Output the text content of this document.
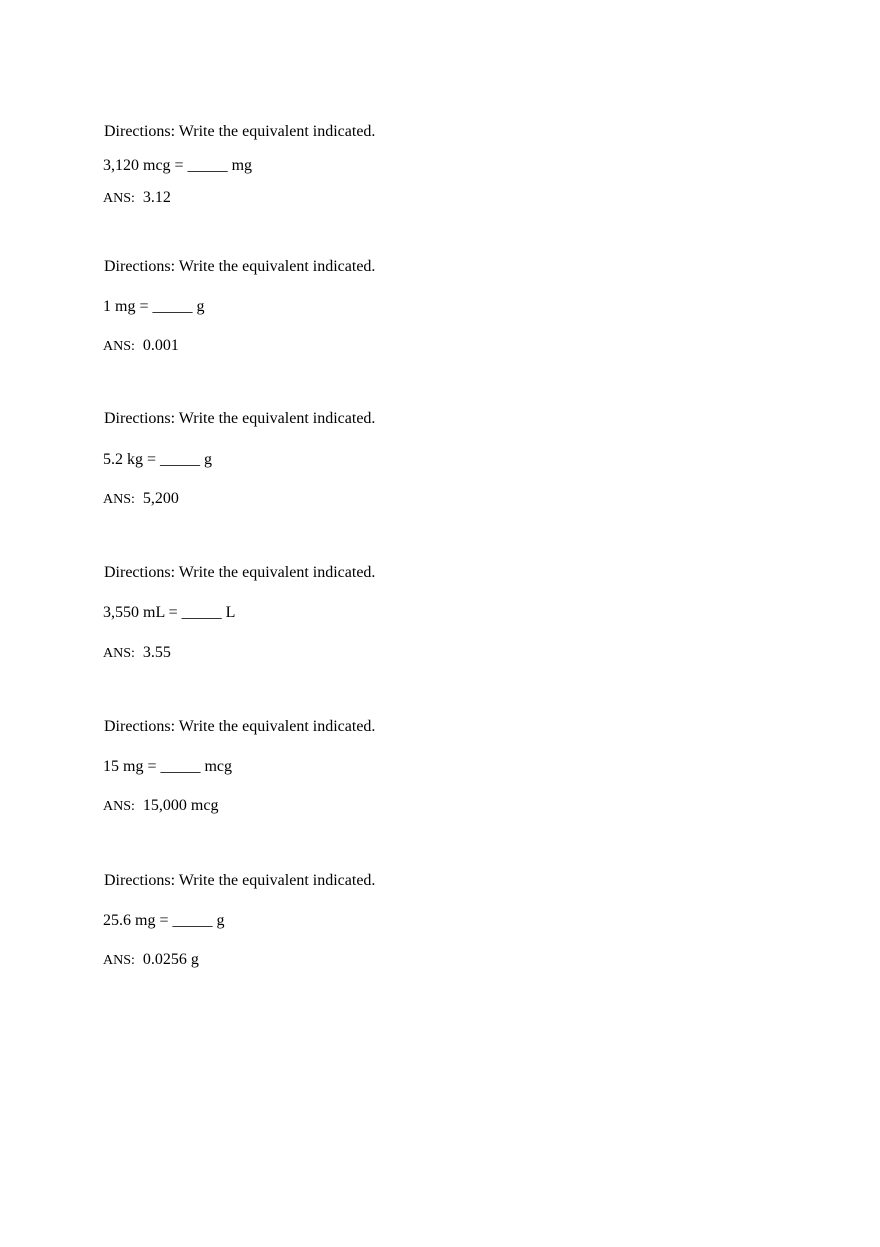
Directions: Write the equivalent indicated.
3,120 mcg = _____ mg
ANS: 3.12
Directions: Write the equivalent indicated.
1 mg = _____ g
ANS: 0.001
Directions: Write the equivalent indicated.
5.2 kg = _____ g
ANS: 5,200
Directions: Write the equivalent indicated.
3,550 mL = _____ L
ANS: 3.55
Directions: Write the equivalent indicated.
15 mg = _____ mcg
ANS: 15,000 mcg
Directions: Write the equivalent indicated.
25.6 mg = _____ g
ANS: 0.0256 g
